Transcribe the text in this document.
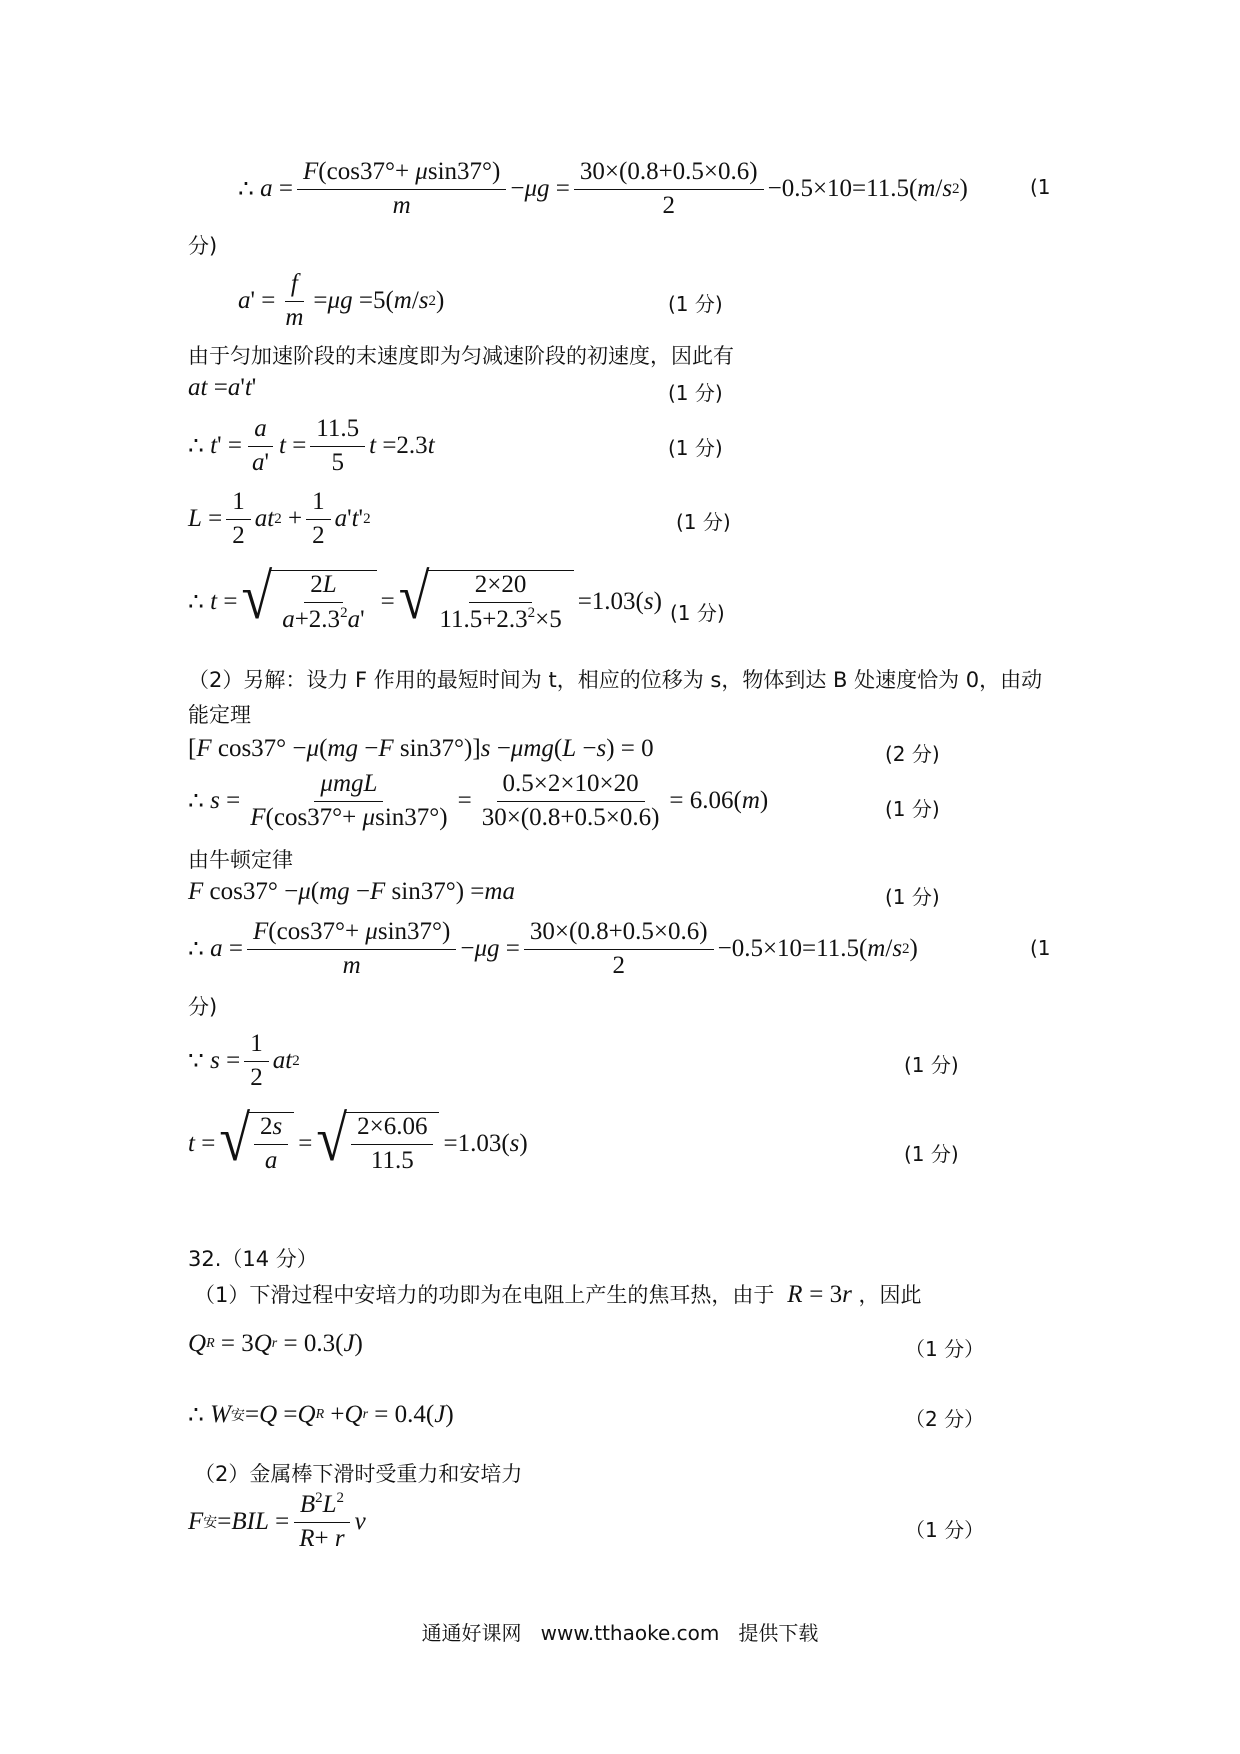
∴ $a = \frac{F(\cos 37^\circ+ \mu\sin 37^\circ)}{m} - \mu g = \frac{30\times(0.8+0.5\times 0.6)}{2} -0.5\times 10=11.5$( m / s 2 )	(1
分)
a ' = $\frac{f}{m} = \mu g =5$( m / s 2 )	(1 分)
由于匀加速阶段的末速度即为匀减速阶段的初速度，因此有
at = a ' t '	(1 分)
∴ t ' = $\frac{a}{a'}$ $t = \frac{11.5}{5}$ t =2.3 t	(1 分)
$L = \frac{1}{2}$ at $2 + \frac{1}{2}$ a ' t ' 2	(1 分)
∴ t = √ $\frac{2L}{a+2.3^2a'}$ = √ $\frac{2\times 20}{11.5+2.3^2\times 5} =1.03$( s ) (1 分)
（2）另解：设力 F 作用的最短时间为 t，相应的位移为 s，物体到达 B 处速度恰为 0，由动
能定理
[ F cos37° − μ ( mg − F sin37°)] s − μmg ( L − s ) = 0	(2 分)
∴ $s = \frac{\text{μmgL}}{F(\cos 37^\circ+ \mu\sin 37^\circ)} = \frac{0.5\times 2\times 10\times 20}{30\times(0.8+0.5\times 0.6)} = 6.06$( m )	(1 分)
由牛顿定律
F cos37° − μ ( mg − F sin37°) = ma	(1 分)
∴ $a = \frac{F(\cos 37^\circ+ \mu\sin 37^\circ)}{m} - \mu g = \frac{30\times(0.8+0.5\times 0.6)}{2} -0.5\times 10=11.5$( m / s 2 )	(1
分)
∵ $s = \frac{1}{2}$ at 2	(1 分)
t = √ $\frac{2s}{a}$ = √ $\frac{2\times 6.06}{11.5} =1.03$( s )	(1 分)
32.（14 分）
（1）下滑过程中安培力的功即为在电阻上产生的焦耳热，由于  R = 3r ，因此
Q R = 3 Q r = 0.3( J )	（1 分）
∴ W 安 = Q = Q R + Q r = 0.4( J )	（2 分）
（2）金属棒下滑时受重力和安培力
F 安 = BIL = $\frac{B^2L^2}{R+ r}$ v	（1 分）
通通好课网 www.tthaoke.com 提供下载
